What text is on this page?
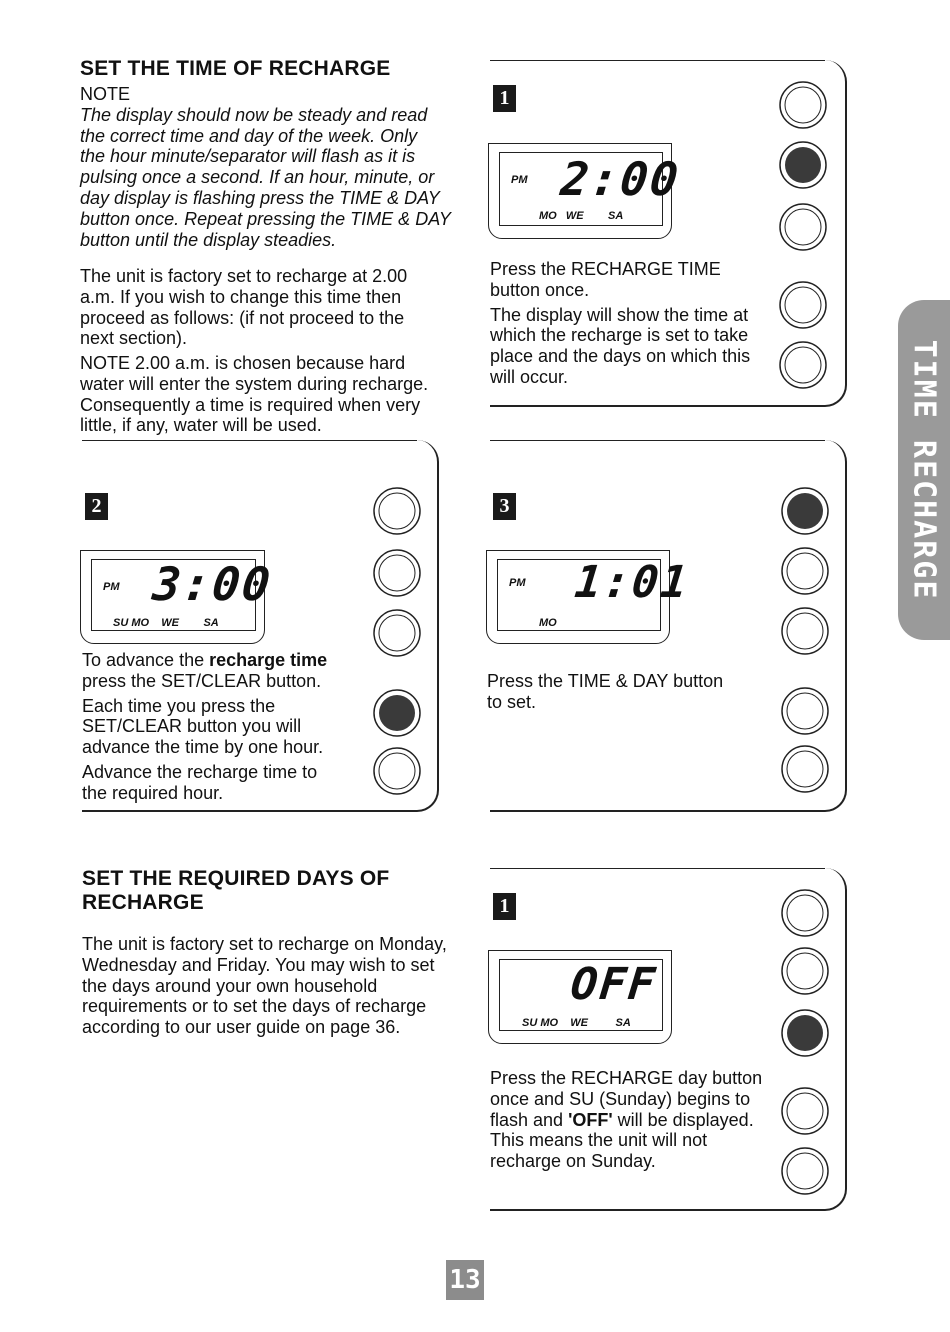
SET THE TIME OF RECHARGE
NOTE
The display should now be steady and read
the correct time and day of the week. Only
the hour minute/separator will flash as it is
pulsing once a second. If an hour, minute, or
day display is flashing press the TIME & DAY
button once. Repeat pressing the TIME & DAY
button until the display steadies.
The unit is factory set to recharge at 2.00
a.m. If you wish to change this time then
proceed as follows: (if not proceed to the
next section).
NOTE 2.00 a.m. is chosen because hard
water will enter the system during recharge.
Consequently a time is required when very
little, if any, water will be used.
1
PM 2:00
MO   WE        SA

Press the RECHARGE TIME
button once.

The display will show the time at
which the recharge is set to take
place and the days on which this
will occur.

2
PM 3:00
SU MO    WE        SA

To advance the recharge time
press the SET/CLEAR button.

Each time you press the
SET/CLEAR button you will
advance the time by one hour.

Advance the recharge time to
the required hour.

3
PM 1:01
MO

Press the TIME & DAY button
to set.

SET THE REQUIRED DAYS OF
RECHARGE
The unit is factory set to recharge on Monday,
Wednesday and Friday. You may wish to set
the days around your own household
requirements or to set the days of recharge
according to our user guide on page 36.
1
OFF
SU MO    WE         SA
Press the RECHARGE day button
once and SU (Sunday) begins to
flash and 'OFF' will be displayed.
This means the unit will not
recharge on Sunday.
TIME RECHARGE
13
